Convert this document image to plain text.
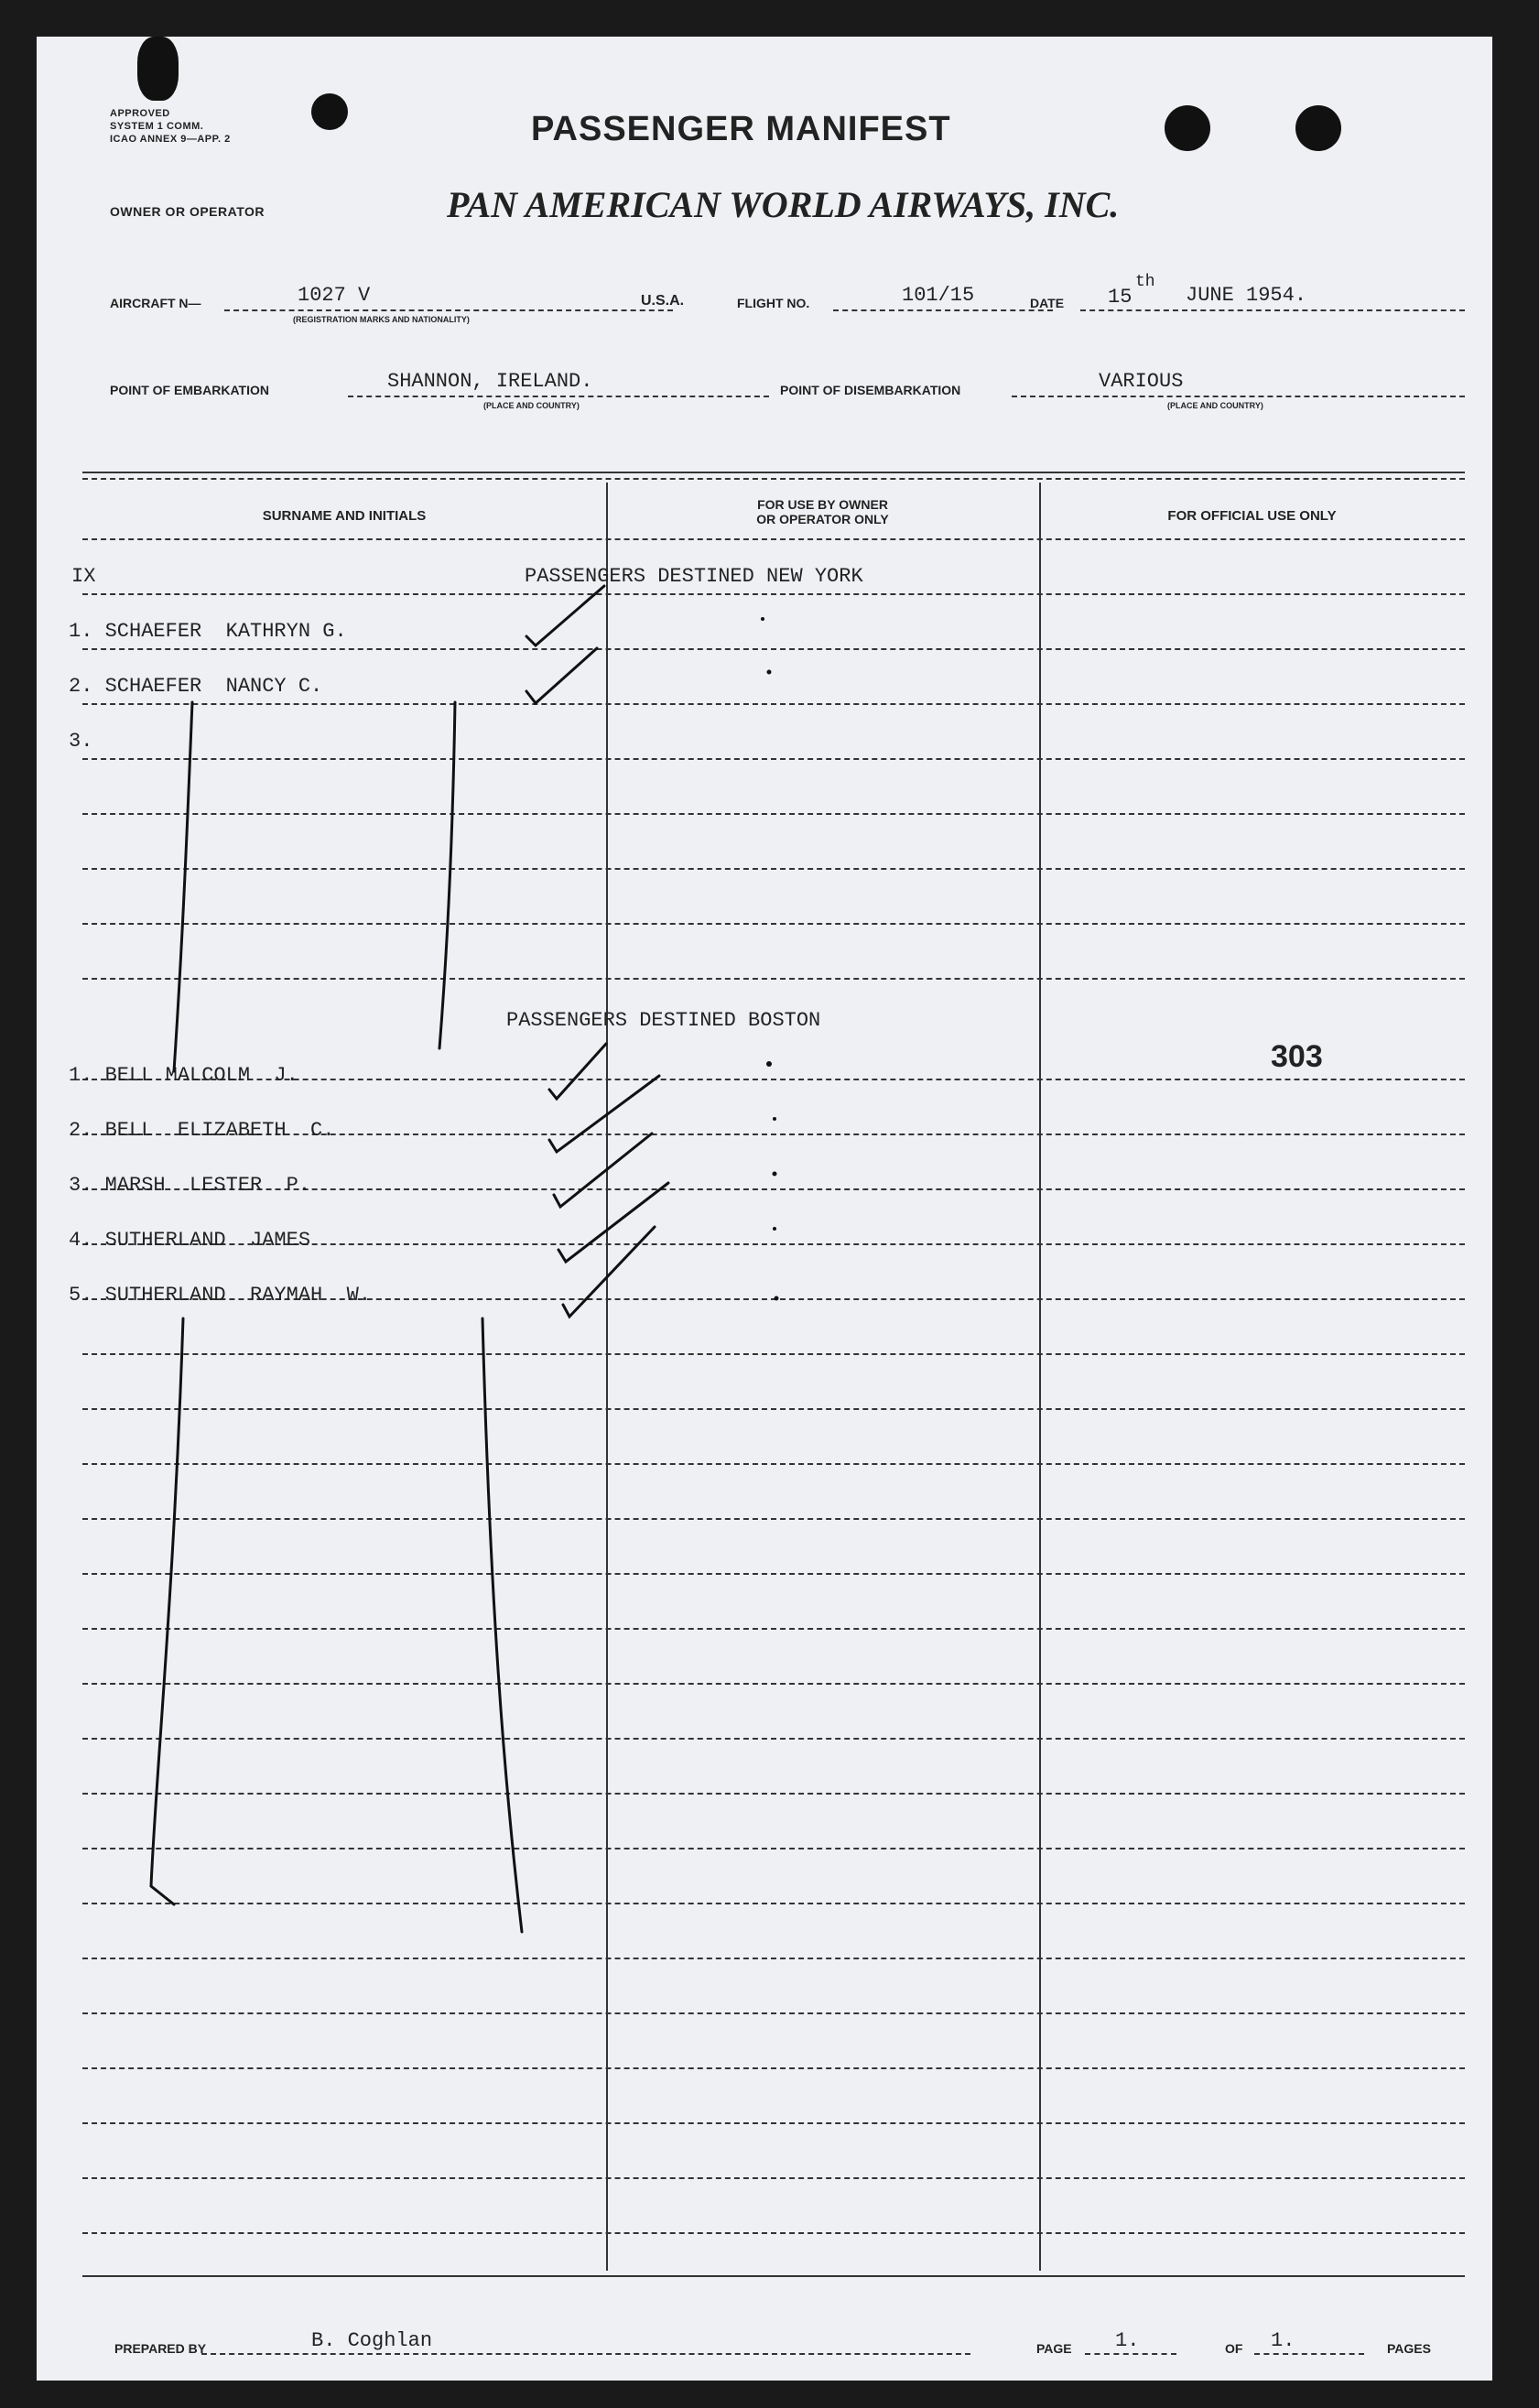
APPROVED
SYSTEM 1 COMM.
ICAO ANNEX 9—APP. 2	PASSENGER MANIFEST
OWNER OR OPERATOR	PAN AMERICAN WORLD AIRWAYS, INC.
AIRCRAFT N—	1027 V
(REGISTRATION MARKS AND NATIONALITY)
U.S.A.	FLIGHT NO.	101/15	DATE 15
th
JUNE 1954.
POINT OF EMBARKATION	SHANNON, IRELAND.
(PLACE AND COUNTRY)
POINT OF DISEMBARKATION	VARIOUS
(PLACE AND COUNTRY)
SURNAME AND INITIALS
FOR USE BY OWNER
OR OPERATOR ONLY	FOR OFFICIAL USE ONLY
IX	PASSENGERS DESTINED NEW YORK
1. SCHAEFER  KATHRYN G.
2. SCHAEFER  NANCY C.
3.
PASSENGERS DESTINED BOSTON
303
1. BELL MALCOLM  J.
2. BELL  ELIZABETH  C.
3. MARSH  LESTER  P.
4. SUTHERLAND  JAMES
5. SUTHERLAND  RAYMAH  W.
PREPARED BY	B. Coghlan	PAGE 1.	OF 1.	PAGES
